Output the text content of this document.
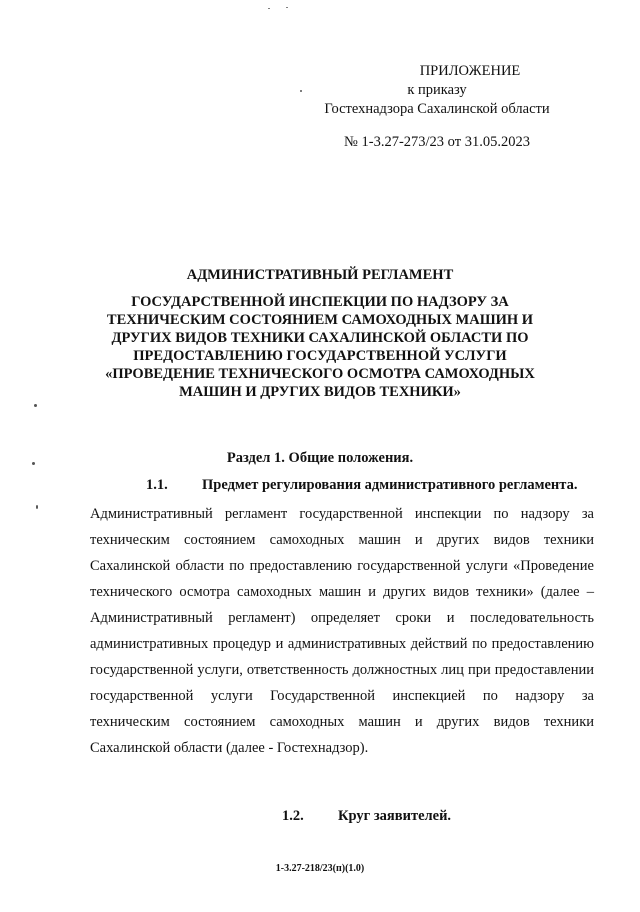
ПРИЛОЖЕНИЕ
к приказу
Гостехнадзора Сахалинской области
№ 1-3.27-273/23 от 31.05.2023
АДМИНИСТРАТИВНЫЙ РЕГЛАМЕНТ
ГОСУДАРСТВЕННОЙ ИНСПЕКЦИИ ПО НАДЗОРУ ЗА ТЕХНИЧЕСКИМ СОСТОЯНИЕМ САМОХОДНЫХ МАШИН И ДРУГИХ ВИДОВ ТЕХНИКИ САХАЛИНСКОЙ ОБЛАСТИ ПО ПРЕДОСТАВЛЕНИЮ ГОСУДАРСТВЕННОЙ УСЛУГИ «ПРОВЕДЕНИЕ ТЕХНИЧЕСКОГО ОСМОТРА САМОХОДНЫХ МАШИН И ДРУГИХ ВИДОВ ТЕХНИКИ»
Раздел 1. Общие положения.
1.1. Предмет регулирования административного регламента.
Административный регламент государственной инспекции по надзору за техническим состоянием самоходных машин и других видов техники Сахалинской области по предоставлению государственной услуги «Проведение технического осмотра самоходных машин и других видов техники» (далее – Административный регламент) определяет сроки и последовательность административных процедур и административных действий по предоставлению государственной услуги, ответственность должностных лиц при предоставлении государственной услуги Государственной инспекцией по надзору за техническим состоянием самоходных машин и других видов техники Сахалинской области (далее - Гостехнадзор).
1.2. Круг заявителей.
1-3.27-218/23(п)(1.0)
